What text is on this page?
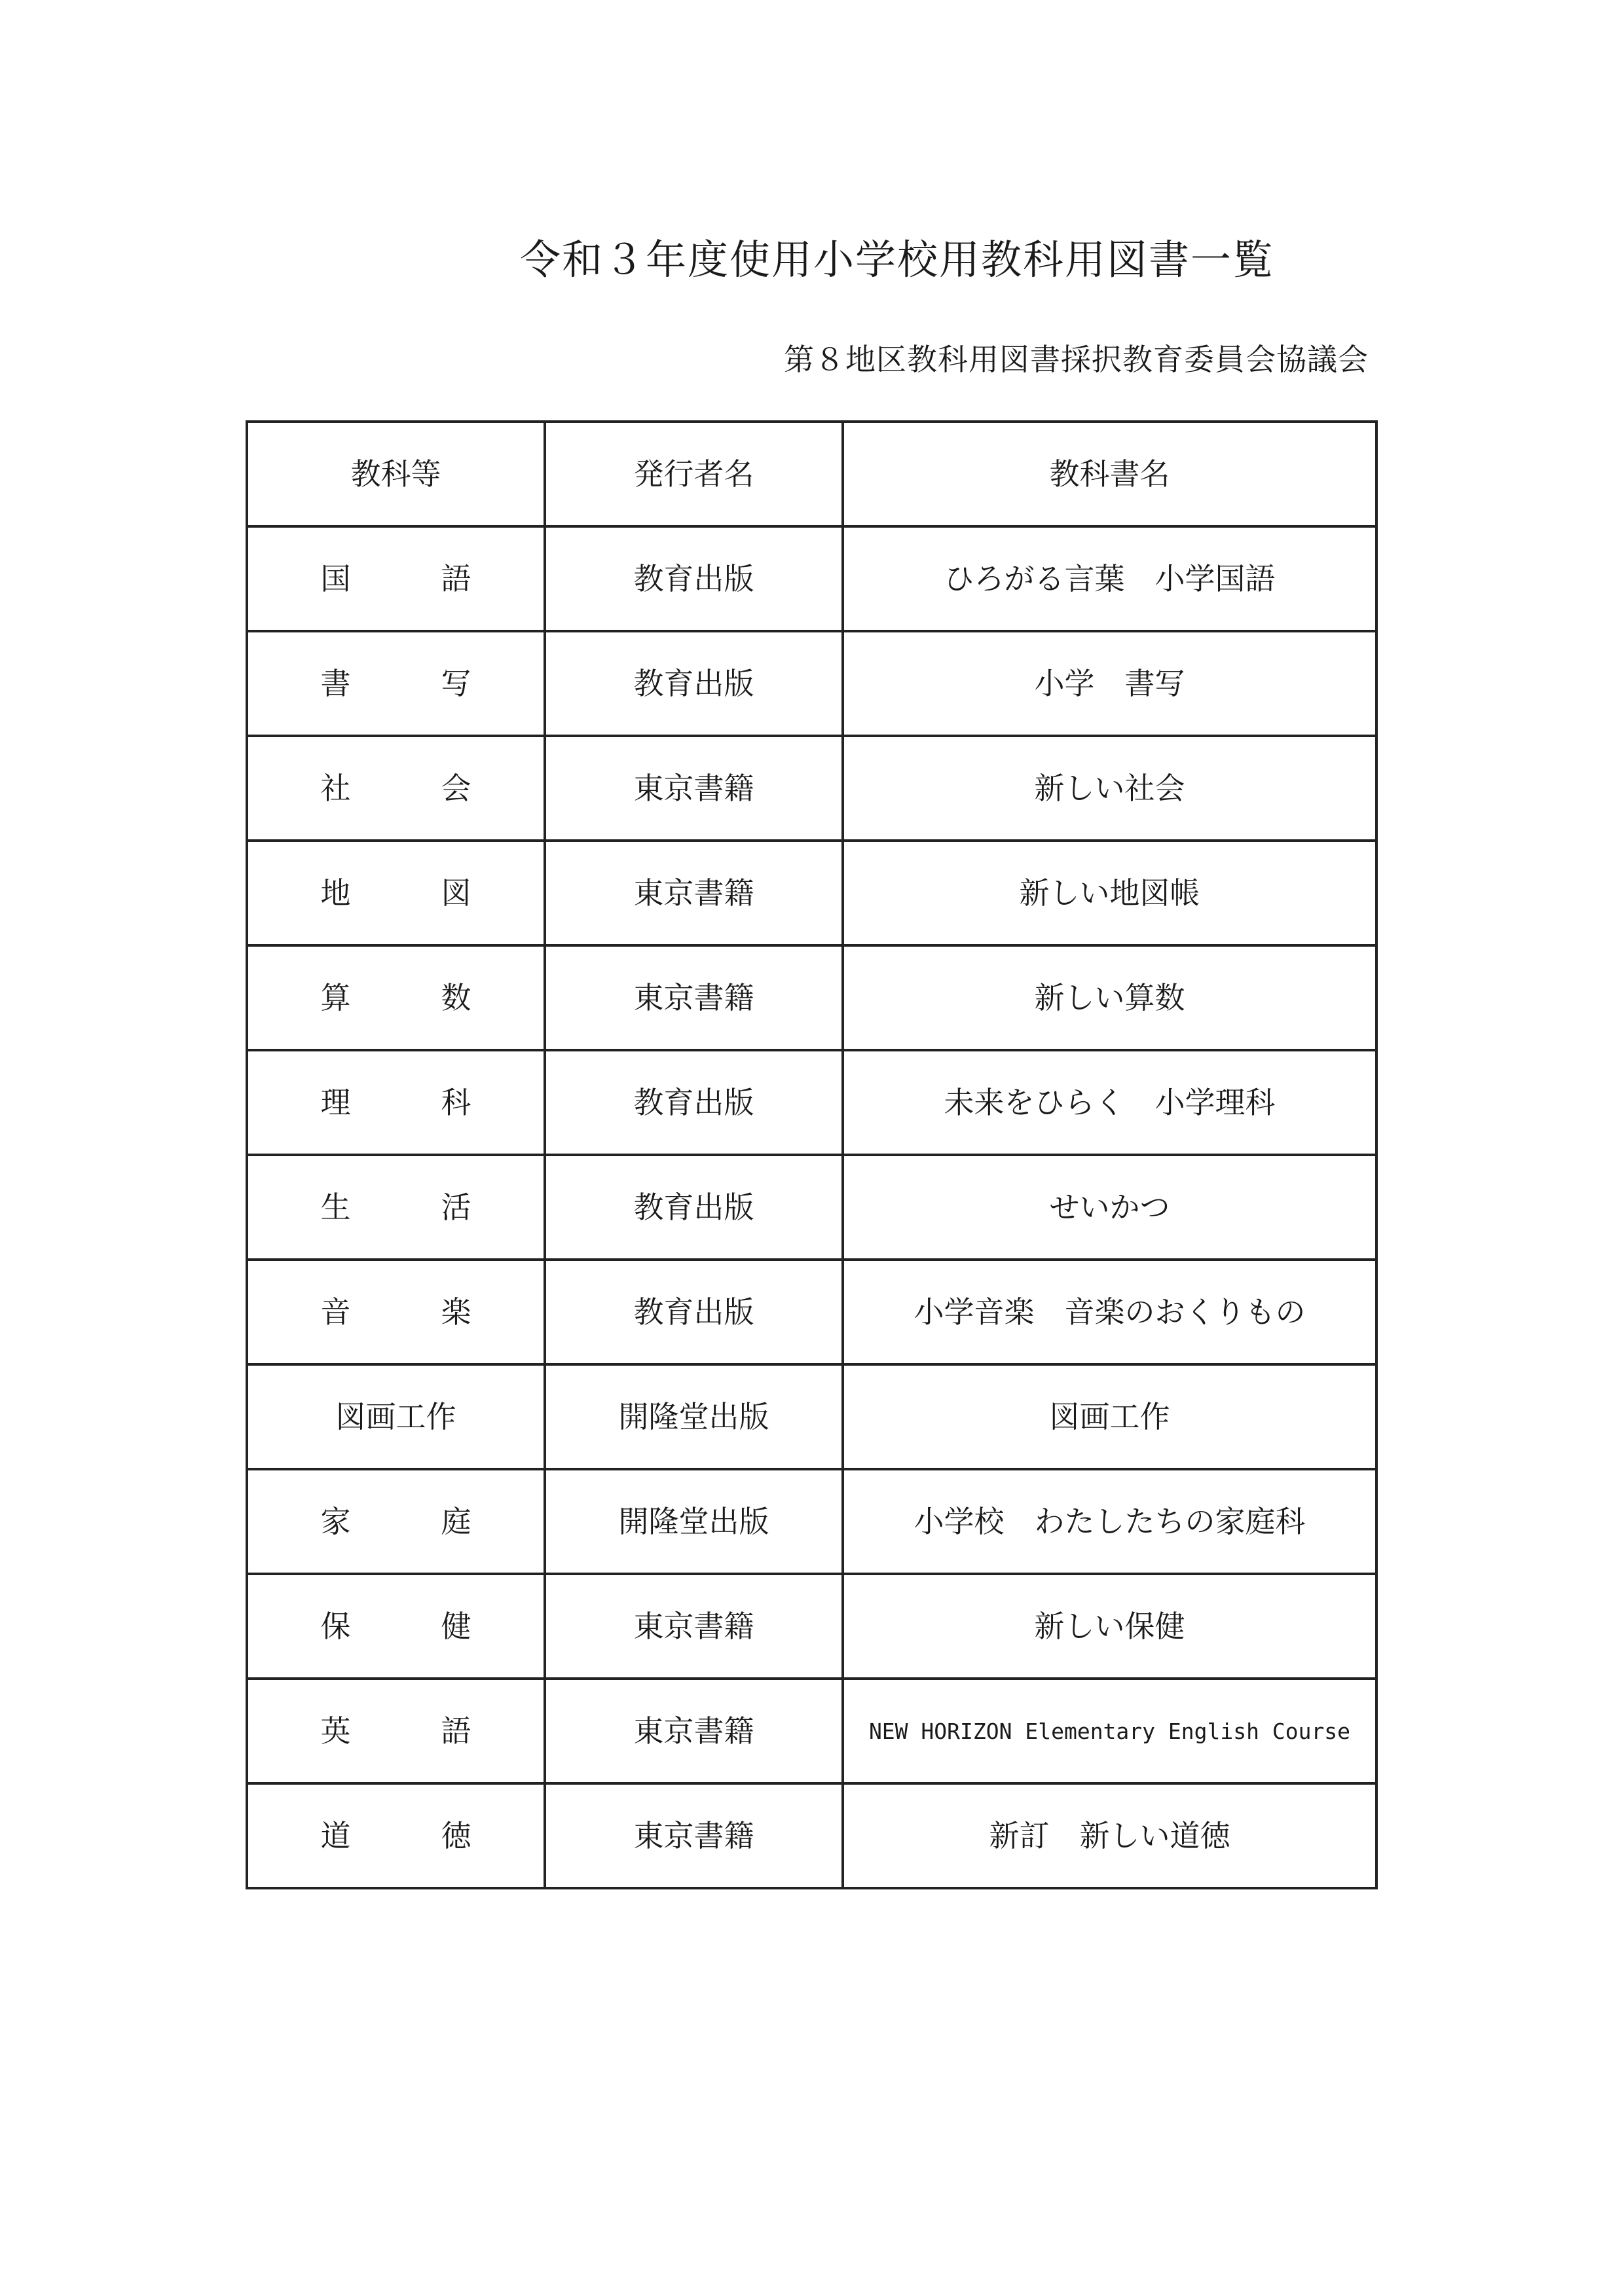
令和３年度使用小学校用教科用図書一覧
第８地区教科用図書採択教育委員会協議会
教科等	発行者名	教科書名
国　　　語	教育出版	ひろがる言葉　小学国語
書　　　写	教育出版	小学　書写
社　　　会	東京書籍	新しい社会
地　　　図	東京書籍	新しい地図帳
算　　　数	東京書籍	新しい算数
理　　　科	教育出版	未来をひらく　小学理科
生　　　活	教育出版	せいかつ
音　　　楽	教育出版	小学音楽　音楽のおくりもの
図画工作	開隆堂出版	図画工作
家　　　庭	開隆堂出版	小学校　わたしたちの家庭科
保　　　健	東京書籍	新しい保健
英　　　語	東京書籍	NEW HORIZON Elementary English Course
道　　　徳	東京書籍	新訂　新しい道徳
